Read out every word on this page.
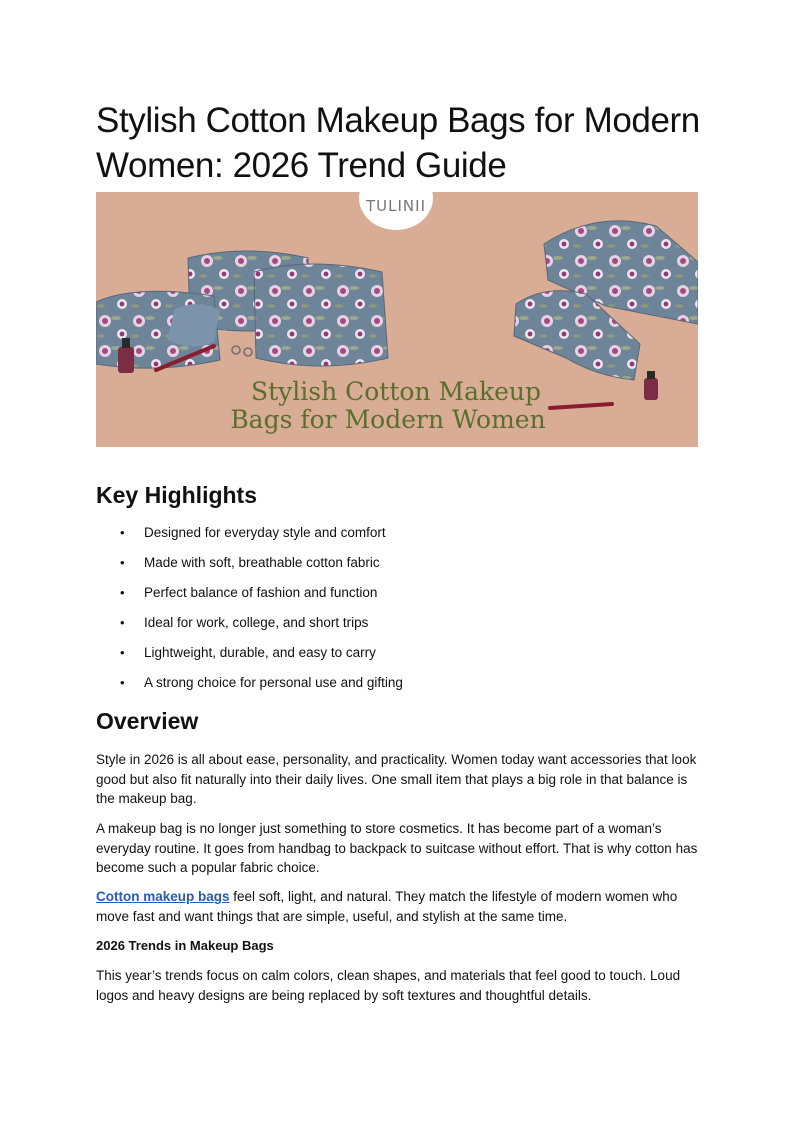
Stylish Cotton Makeup Bags for Modern Women: 2026 Trend Guide
TULINII
Stylish Cotton Makeup
Bags for Modern Women
Key Highlights
• Designed for everyday style and comfort
• Made with soft, breathable cotton fabric
• Perfect balance of fashion and function
• Ideal for work, college, and short trips
• Lightweight, durable, and easy to carry
• A strong choice for personal use and gifting
Overview

Style in 2026 is all about ease, personality, and practicality. Women today want accessories that look good but also fit naturally into their daily lives. One small item that plays a big role in that balance is the makeup bag.

A makeup bag is no longer just something to store cosmetics. It has become part of a woman’s everyday routine. It goes from handbag to backpack to suitcase without effort. That is why cotton has become such a popular fabric choice.

Cotton makeup bags feel soft, light, and natural. They match the lifestyle of modern women who move fast and want things that are simple, useful, and stylish at the same time.

2026 Trends in Makeup Bags

This year’s trends focus on calm colors, clean shapes, and materials that feel good to touch. Loud logos and heavy designs are being replaced by soft textures and thoughtful details.
